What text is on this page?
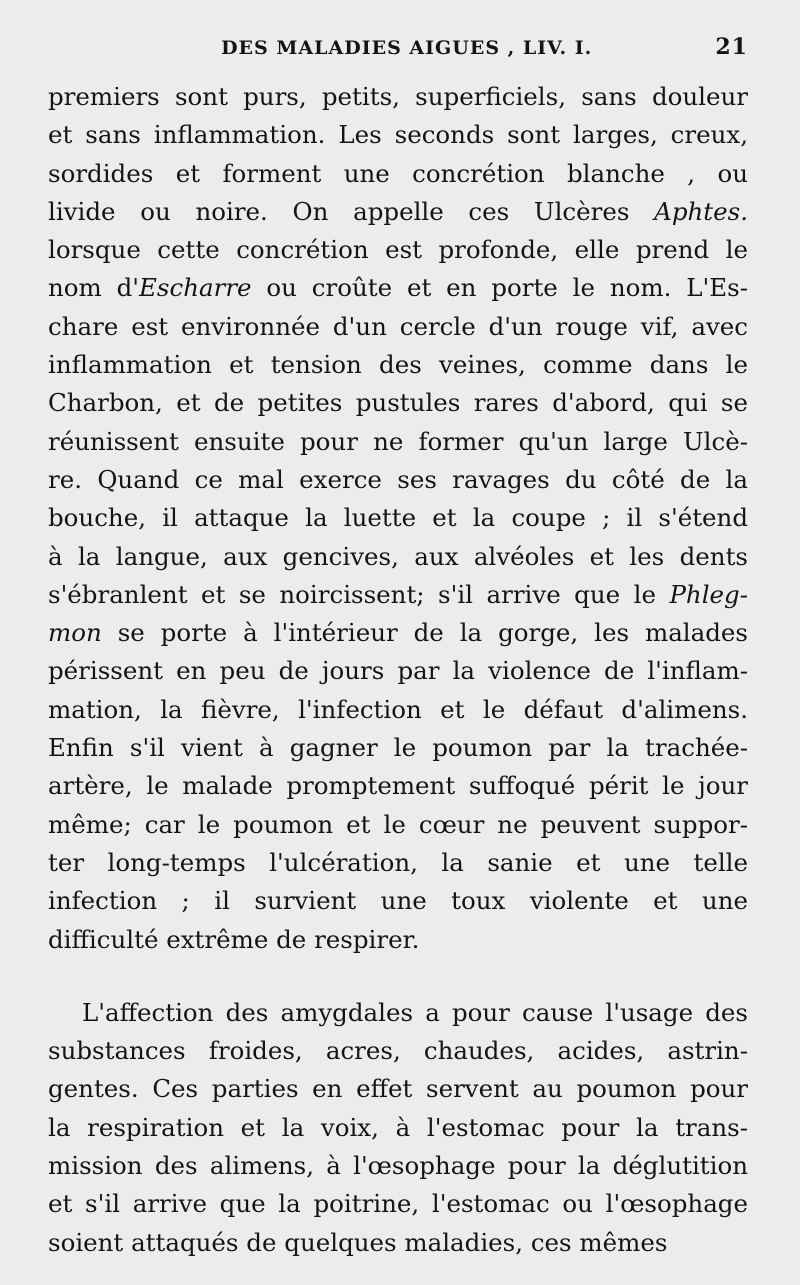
DES MALADIES AIGUES , LIV. I.	21
premiers sont purs, petits, superficiels, sans douleur
et sans inflammation. Les seconds sont larges, creux,
sordides et forment une concrétion blanche , ou
livide ou noire. On appelle ces Ulcères Aphtes.
lorsque cette concrétion est profonde, elle prend le
nom d'Escharre ou croûte et en porte le nom. L'Es-
chare est environnée d'un cercle d'un rouge vif, avec
inflammation et tension des veines, comme dans le
Charbon, et de petites pustules rares d'abord, qui se
réunissent ensuite pour ne former qu'un large Ulcè-
re. Quand ce mal exerce ses ravages du côté de la
bouche, il attaque la luette et la coupe ; il s'étend
à la langue, aux gencives, aux alvéoles et les dents
s'ébranlent et se noircissent; s'il arrive que le Phleg-
mon se porte à l'intérieur de la gorge, les malades
périssent en peu de jours par la violence de l'inflam-
mation, la fièvre, l'infection et le défaut d'alimens.
Enfin s'il vient à gagner le poumon par la trachée-
artère, le malade promptement suffoqué périt le jour
même; car le poumon et le cœur ne peuvent suppor-
ter long-temps l'ulcération, la sanie et une telle
infection ; il survient une toux violente et une
difficulté extrême de respirer.
L'affection des amygdales a pour cause l'usage des
substances froides, acres, chaudes, acides, astrin-
gentes. Ces parties en effet servent au poumon pour
la respiration et la voix, à l'estomac pour la trans-
mission des alimens, à l'œsophage pour la déglutition
et s'il arrive que la poitrine, l'estomac ou l'œsophage
soient attaqués de quelques maladies, ces mêmes
